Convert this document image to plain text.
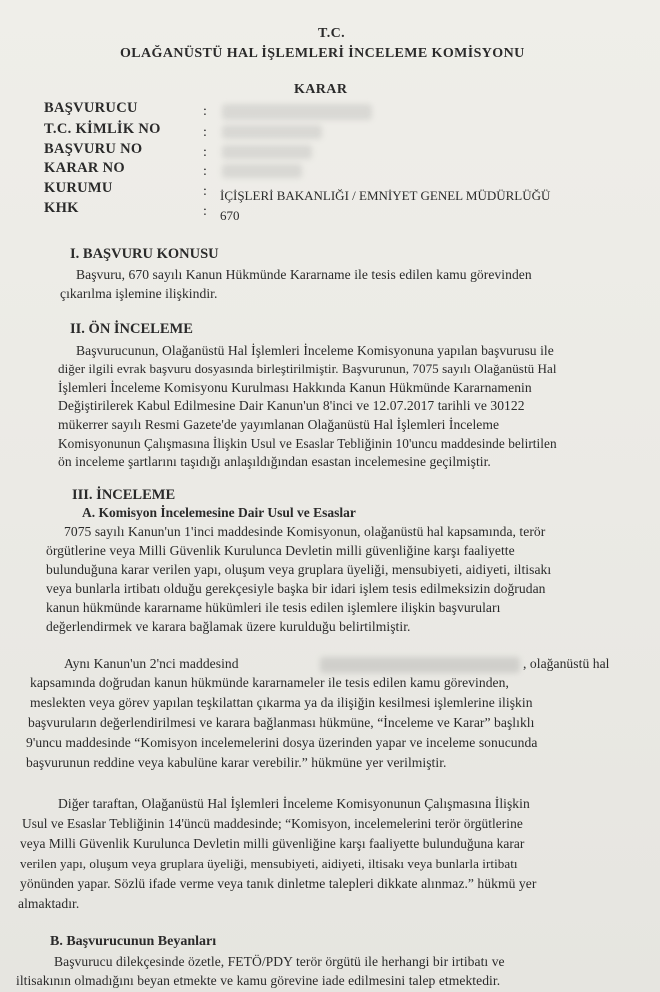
T.C.
OLAĞANÜSTÜ HAL İŞLEMLERİ İNCELEME KOMİSYONU
KARAR
BAŞVURUCU	:
T.C. KİMLİK NO	:
BAŞVURU NO	:
KARAR NO	:
KURUMU	: İÇİŞLERİ BAKANLIĞI / EMNİYET GENEL MÜDÜRLÜĞÜ
KHK	: 670
I. BAŞVURU KONUSU
Başvuru, 670 sayılı Kanun Hükmünde Kararname ile tesis edilen kamu görevinden
çıkarılma işlemine ilişkindir.
II. ÖN İNCELEME
Başvurucunun, Olağanüstü Hal İşlemleri İnceleme Komisyonuna yapılan başvurusu ile
diğer ilgili evrak başvuru dosyasında birleştirilmiştir. Başvurunun, 7075 sayılı Olağanüstü Hal
İşlemleri İnceleme Komisyonu Kurulması Hakkında Kanun Hükmünde Kararnamenin
Değiştirilerek Kabul Edilmesine Dair Kanun'un 8'inci ve 12.07.2017 tarihli ve 30122
mükerrer sayılı Resmi Gazete'de yayımlanan Olağanüstü Hal İşlemleri İnceleme
Komisyonunun Çalışmasına İlişkin Usul ve Esaslar Tebliğinin 10'uncu maddesinde belirtilen
ön inceleme şartlarını taşıdığı anlaşıldığından esastan incelemesine geçilmiştir.
III. İNCELEME
A. Komisyon İncelemesine Dair Usul ve Esaslar
7075 sayılı Kanun'un 1'inci maddesinde Komisyonun, olağanüstü hal kapsamında, terör
örgütlerine veya Milli Güvenlik Kurulunca Devletin milli güvenliğine karşı faaliyette
bulunduğuna karar verilen yapı, oluşum veya gruplara üyeliği, mensubiyeti, aidiyeti, iltisakı
veya bunlarla irtibatı olduğu gerekçesiyle başka bir idari işlem tesis edilmeksizin doğrudan
kanun hükmünde kararname hükümleri ile tesis edilen işlemlere ilişkin başvuruları
değerlendirmek ve karara bağlamak üzere kurulduğu belirtilmiştir.
Aynı Kanun'un 2'nci maddesind	, olağanüstü hal
kapsamında doğrudan kanun hükmünde kararnameler ile tesis edilen kamu görevinden,
meslekten veya görev yapılan teşkilattan çıkarma ya da ilişiğin kesilmesi işlemlerine ilişkin
başvuruların değerlendirilmesi ve karara bağlanması hükmüne, “İnceleme ve Karar” başlıklı
9'uncu maddesinde “Komisyon incelemelerini dosya üzerinden yapar ve inceleme sonucunda
başvurunun reddine veya kabulüne karar verebilir.” hükmüne yer verilmiştir.
Diğer taraftan, Olağanüstü Hal İşlemleri İnceleme Komisyonunun Çalışmasına İlişkin
Usul ve Esaslar Tebliğinin 14'üncü maddesinde; “Komisyon, incelemelerini terör örgütlerine
veya Milli Güvenlik Kurulunca Devletin milli güvenliğine karşı faaliyette bulunduğuna karar
verilen yapı, oluşum veya gruplara üyeliği, mensubiyeti, aidiyeti, iltisakı veya bunlarla irtibatı
yönünden yapar. Sözlü ifade verme veya tanık dinletme talepleri dikkate alınmaz.” hükmü yer
almaktadır.
B. Başvurucunun Beyanları
Başvurucu dilekçesinde özetle, FETÖ/PDY terör örgütü ile herhangi bir irtibatı ve
iltisakının olmadığını beyan etmekte ve kamu görevine iade edilmesini talep etmektedir.
